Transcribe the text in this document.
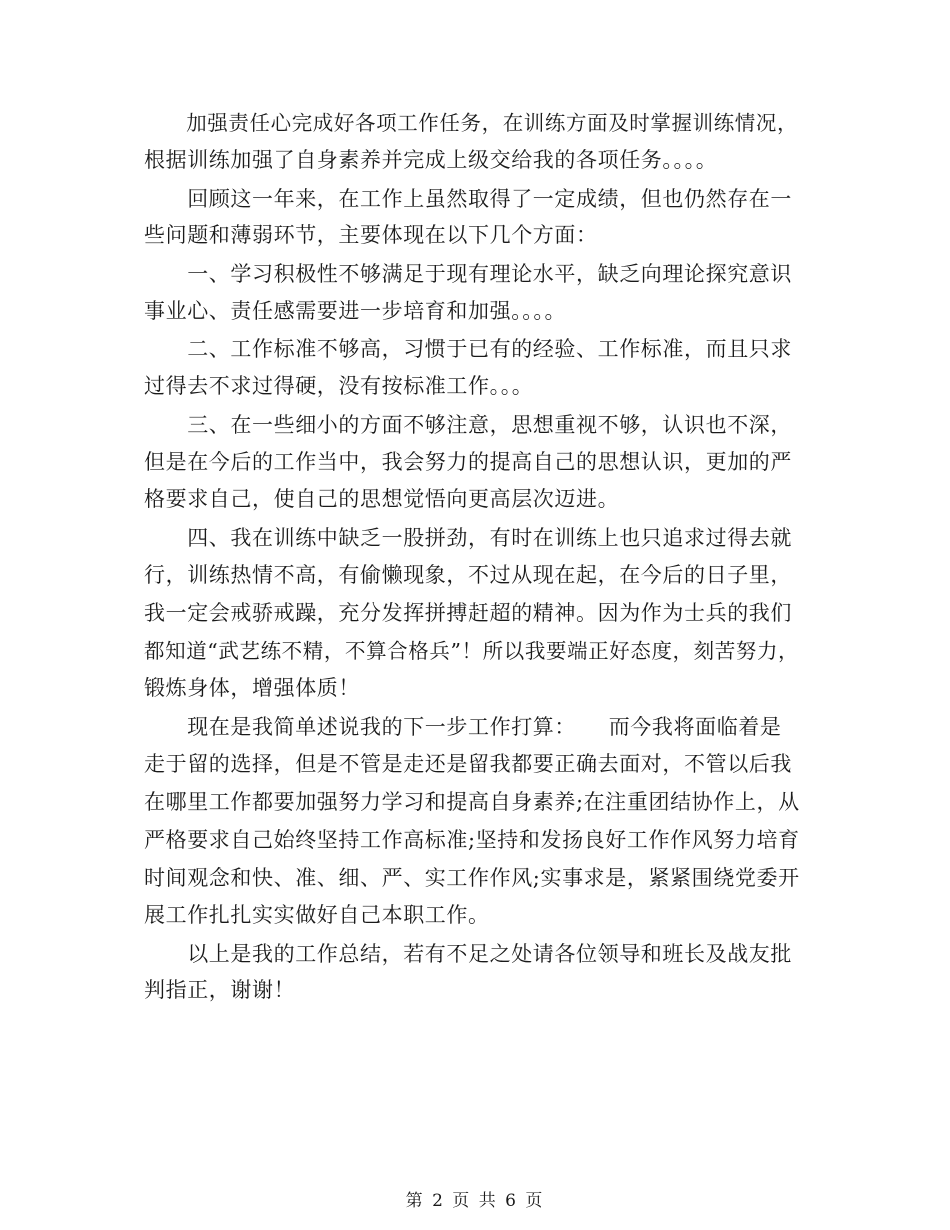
　　加强责任心完成好各项工作任务，在训练方面及时掌握训练情况，
根据训练加强了自身素养并完成上级交给我的各项任务。。。。
　　回顾这一年来，在工作上虽然取得了一定成绩，但也仍然存在一
些问题和薄弱环节，主要体现在以下几个方面：
　　一、学习积极性不够满足于现有理论水平，缺乏向理论探究意识
事业心、责任感需要进一步培育和加强。。。。
　　二、工作标准不够高，习惯于已有的经验、工作标准，而且只求
过得去不求过得硬，没有按标准工作。。。
　　三、在一些细小的方面不够注意，思想重视不够，认识也不深，
但是在今后的工作当中，我会努力的提高自己的思想认识，更加的严
格要求自己，使自己的思想觉悟向更高层次迈进。
　　四、我在训练中缺乏一股拼劲，有时在训练上也只追求过得去就
行，训练热情不高，有偷懒现象，不过从现在起，在今后的日子里，
我一定会戒骄戒躁，充分发挥拼搏赶超的精神。因为作为士兵的我们
都知道“武艺练不精，不算合格兵”！所以我要端正好态度，刻苦努力，
锻炼身体，增强体质！
　　现在是我简单述说我的下一步工作打算：　　而今我将面临着是
走于留的选择，但是不管是走还是留我都要正确去面对，不管以后我
在哪里工作都要加强努力学习和提高自身素养;在注重团结协作上，从
严格要求自己始终坚持工作高标准;坚持和发扬良好工作作风努力培育
时间观念和快、准、细、严、实工作作风;实事求是，紧紧围绕党委开
展工作扎扎实实做好自己本职工作。
　　以上是我的工作总结，若有不足之处请各位领导和班长及战友批
判指正，谢谢！
第 2 页 共 6 页
